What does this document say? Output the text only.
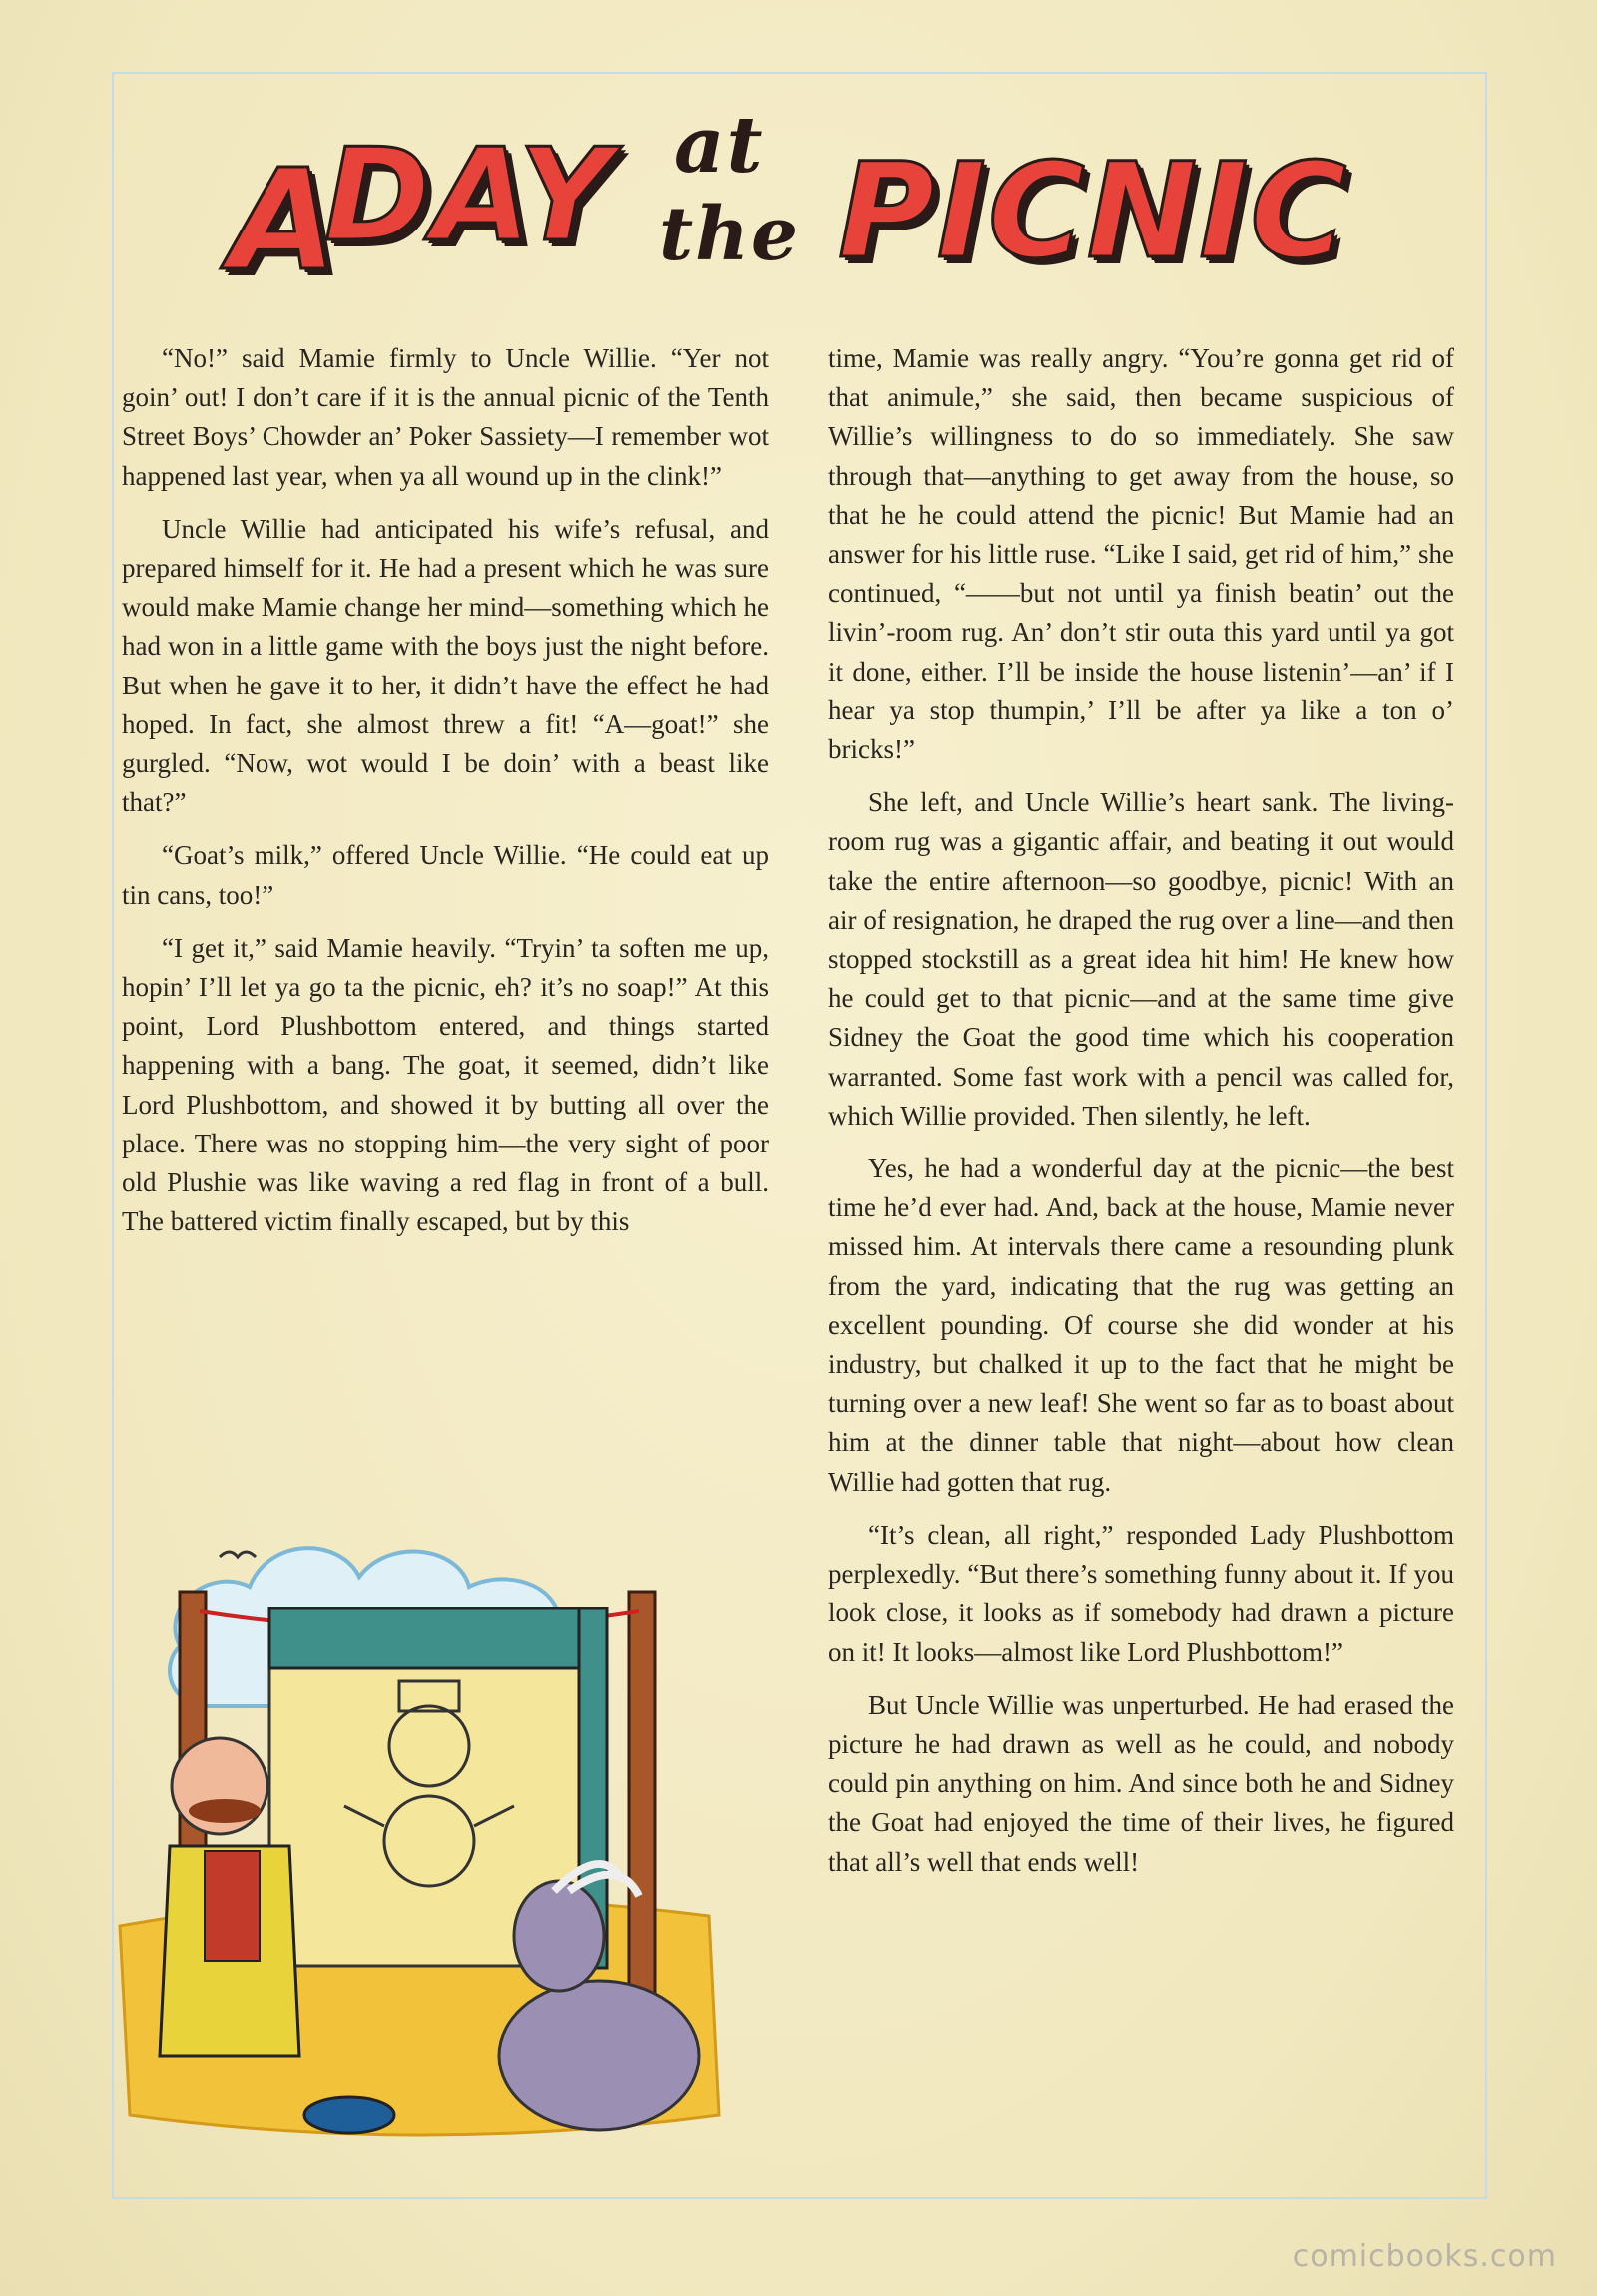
A
DAY at
the PICNIC

“No!” said Mamie firmly to Uncle Willie. “Yer not goin’ out! I don’t care if it is the annual picnic of the Tenth Street Boys’ Chowder an’ Poker Sassiety—I remember wot happened last year, when ya all wound up in the clink!”

Uncle Willie had anticipated his wife’s refusal, and prepared himself for it. He had a present which he was sure would make Mamie change her mind—something which he had won in a little game with the boys just the night before. But when he gave it to her, it didn’t have the effect he had hoped. In fact, she almost threw a fit! “A—goat!” she gurgled. “Now, wot would I be doin’ with a beast like that?”

“Goat’s milk,” offered Uncle Willie. “He could eat up tin cans, too!”

“I get it,” said Mamie heavily. “Tryin’ ta soften me up, hopin’ I’ll let ya go ta the picnic, eh? it’s no soap!” At this point, Lord Plushbottom entered, and things started happening with a bang. The goat, it seemed, didn’t like Lord Plushbottom, and showed it by butting all over the place. There was no stopping him—the very sight of poor old Plushie was like waving a red flag in front of a bull. The battered victim finally escaped, but by this

time, Mamie was really angry. “You’re gonna get rid of that animule,” she said, then became suspicious of Willie’s willingness to do so immediately. She saw through that—anything to get away from the house, so that he he could attend the picnic! But Mamie had an answer for his little ruse. “Like I said, get rid of him,” she continued, “——but not until ya finish beatin’ out the livin’-room rug. An’ don’t stir outa this yard until ya got it done, either. I’ll be inside the house listenin’—an’ if I hear ya stop thumpin,’ I’ll be after ya like a ton o’ bricks!”

She left, and Uncle Willie’s heart sank. The living-room rug was a gigantic affair, and beating it out would take the entire afternoon—so goodbye, picnic! With an air of resignation, he draped the rug over a line—and then stopped stockstill as a great idea hit him! He knew how he could get to that picnic—and at the same time give Sidney the Goat the good time which his cooperation warranted. Some fast work with a pencil was called for, which Willie provided. Then silently, he left.

Yes, he had a wonderful day at the picnic—the best time he’d ever had. And, back at the house, Mamie never missed him. At intervals there came a resounding plunk from the yard, indicating that the rug was getting an excellent pounding. Of course she did wonder at his industry, but chalked it up to the fact that he might be turning over a new leaf! She went so far as to boast about him at the dinner table that night—about how clean Willie had gotten that rug.

“It’s clean, all right,” responded Lady Plushbottom perplexedly. “But there’s something funny about it. If you look close, it looks as if somebody had drawn a picture on it! It looks—almost like Lord Plushbottom!”

But Uncle Willie was unperturbed. He had erased the picture he had drawn as well as he could, and nobody could pin anything on him. And since both he and Sidney the Goat had enjoyed the time of their lives, he figured that all’s well that ends well!

comicbooks.com
